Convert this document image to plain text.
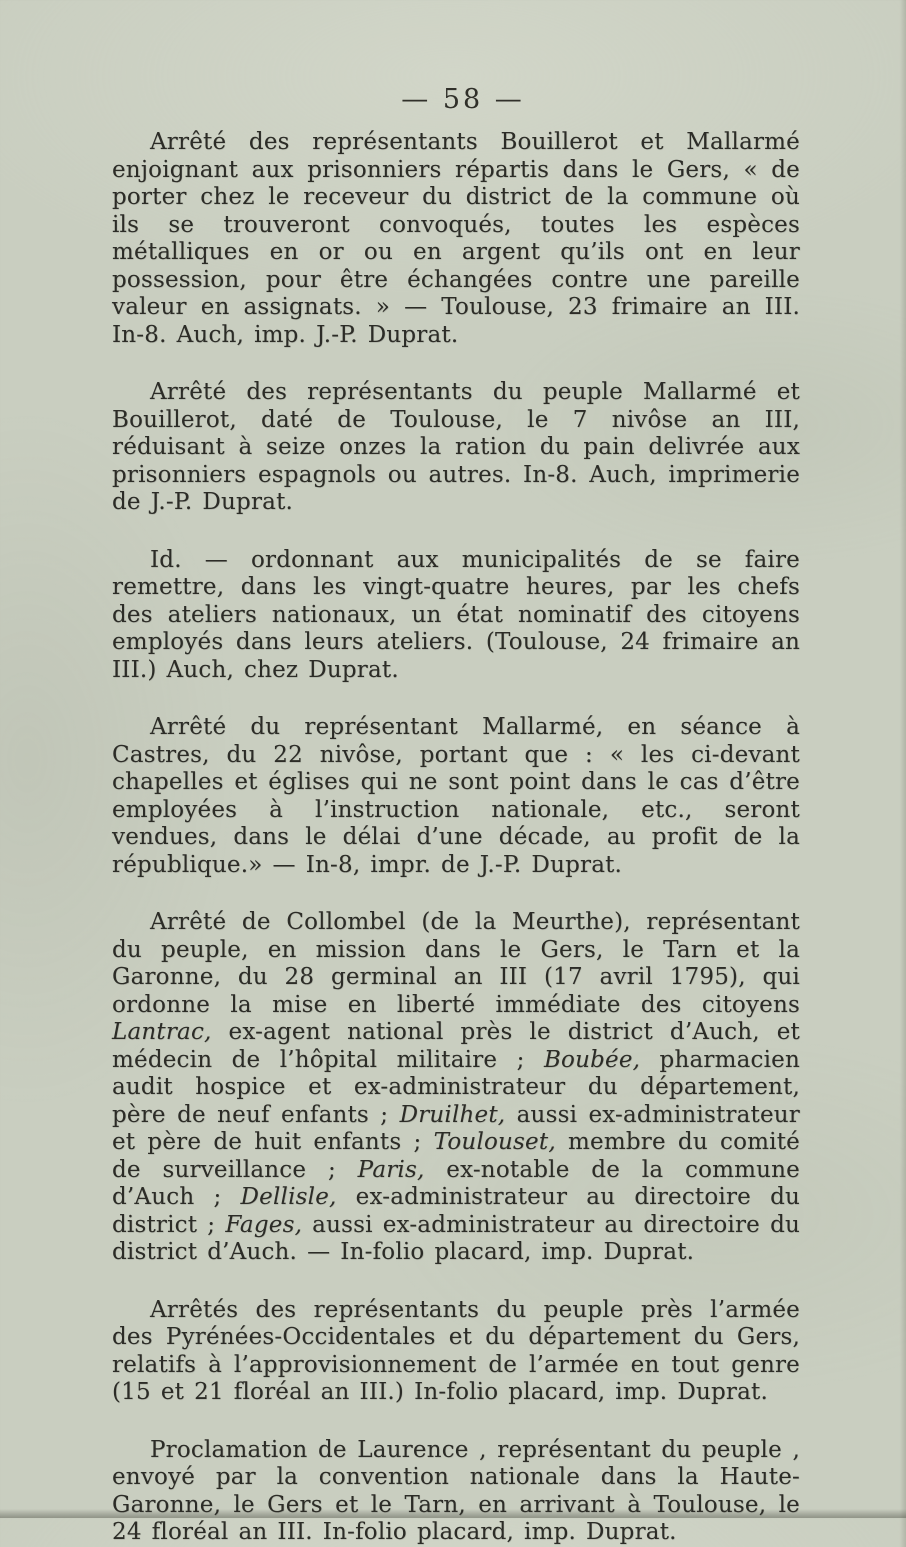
— 58 —

Arrêté des représentants Bouillerot et Mallarmé enjoignant aux prisonniers répartis dans le Gers, « de porter chez le receveur du district de la commune où ils se trouveront convoqués, toutes les espèces métalliques en or ou en argent qu’ils ont en leur possession, pour être échangées contre une pareille valeur en assignats. » — Toulouse, 23 frimaire an III. In-8. Auch, imp. J.-P. Duprat.

Arrêté des représentants du peuple Mallarmé et Bouillerot, daté de Toulouse, le 7 nivôse an III, réduisant à seize onzes la ration du pain delivrée aux prisonniers espagnols ou autres. In-8. Auch, imprimerie de J.-P. Duprat.

Id. — ordonnant aux municipalités de se faire remettre, dans les vingt-quatre heures, par les chefs des ateliers nationaux, un état nominatif des citoyens employés dans leurs ateliers. (Toulouse, 24 frimaire an III.) Auch, chez Duprat.

Arrêté du représentant Mallarmé, en séance à Castres, du 22 nivôse, portant que : « les ci-devant chapelles et églises qui ne sont point dans le cas d’être employées à l’instruction nationale, etc., seront vendues, dans le délai d’une décade, au profit de la république.» — In-8, impr. de J.-P. Duprat.

Arrêté de Collombel (de la Meurthe), représentant du peuple, en mission dans le Gers, le Tarn et la Garonne, du 28 germinal an III (17 avril 1795), qui ordonne la mise en liberté immédiate des citoyens Lantrac, ex-agent national près le district d’Auch, et médecin de l’hôpital militaire ; Boubée, pharmacien audit hospice et ex-administrateur du département, père de neuf enfants ; Druilhet, aussi ex-administrateur et père de huit enfants ; Toulouset, membre du comité de surveillance ; Paris, ex-notable de la commune d’Auch ; Dellisle, ex-administrateur au directoire du district ; Fages, aussi ex-administrateur au directoire du district d’Auch. — In-folio placard, imp. Duprat.

Arrêtés des représentants du peuple près l’armée des Pyrénées-Occidentales et du département du Gers, relatifs à l’approvisionnement de l’armée en tout genre (15 et 21 floréal an III.) In-folio placard, imp. Duprat.

Proclamation de Laurence , représentant du peuple , envoyé par la convention nationale dans la Haute-Garonne, le Gers et le Tarn, en arrivant à Toulouse, le 24 floréal an III. In-folio placard, imp. Duprat.
